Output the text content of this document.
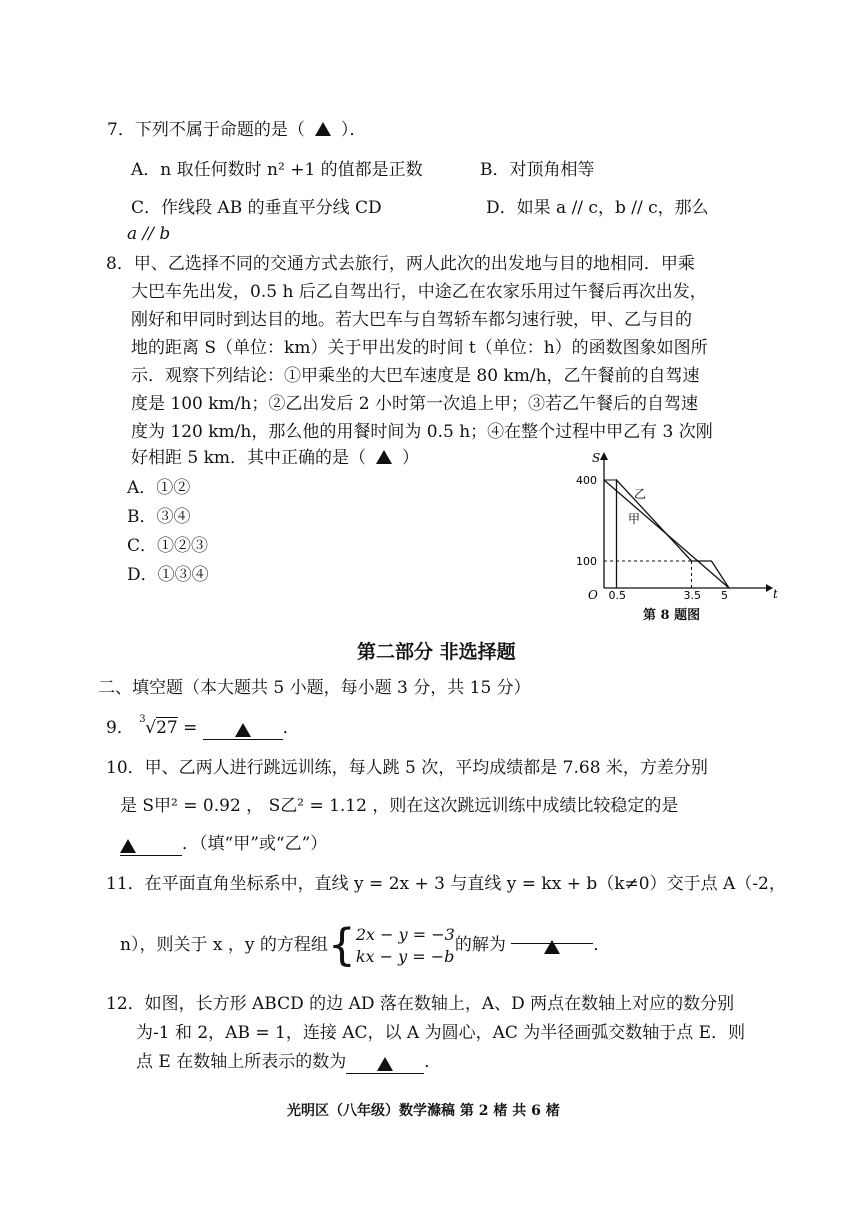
7．下列不属于命题的是（ ）．
A．n 取任何数时 n² +1 的值都是正数	B．对顶角相等
C．作线段 AB 的垂直平分线 CD	D．如果 a // c，b // c，那么
a // b
8．甲、乙选择不同的交通方式去旅行，两人此次的出发地与目的地相同．甲乘
大巴车先出发，0.5 h 后乙自驾出行，中途乙在农家乐用过午餐后再次出发，
刚好和甲同时到达目的地。若大巴车与自驾轿车都匀速行驶，甲、乙与目的
地的距离 S（单位：km）关于甲出发的时间 t（单位：h）的函数图象如图所
示．观察下列结论：①甲乘坐的大巴车速度是 80 km/h，乙午餐前的自驾速
度是 100 km/h；②乙出发后 2 小时第一次追上甲；③若乙午餐后的自驾速
度为 120 km/h，那么他的用餐时间为 0.5 h；④在整个过程中甲乙有 3 次刚
好相距 5 km．其中正确的是（ ）
A．①②
B．③④
C．①②③
D．①③④
S
t
O
400
100
0.5	3.5 5
甲
乙
第 8 题图
第二部分 非选择题
二、填空题（本大题共 5 小题，每小题 3 分，共 15 分）
9． 3 √27 =	．
10．甲、乙两人进行跳远训练，每人跳 5 次，平均成绩都是 7.68 米，方差分别
是 S甲² = 0.92 ， S乙² = 1.12 ，则在这次跳远训练中成绩比较稳定的是
．（填“甲”或“乙”）
11．在平面直角坐标系中，直线 y = 2x + 3 与直线 y = kx + b（k≠0）交于点 A（-2，
n），则关于 x ，y 的方程组{2x − y = −3
kx − y = −b的解为	．
12．如图，长方形 ABCD 的边 AD 落在数轴上，A、D 两点在数轴上对应的数分别
为-1 和 2，AB = 1，连接 AC，以 A 为圆心，AC 为半径画弧交数轴于点 E．则
点 E 在数轴上所表示的数为	．
光明区（八年级）数学滌稿 第 2 楮 共 6 楮
